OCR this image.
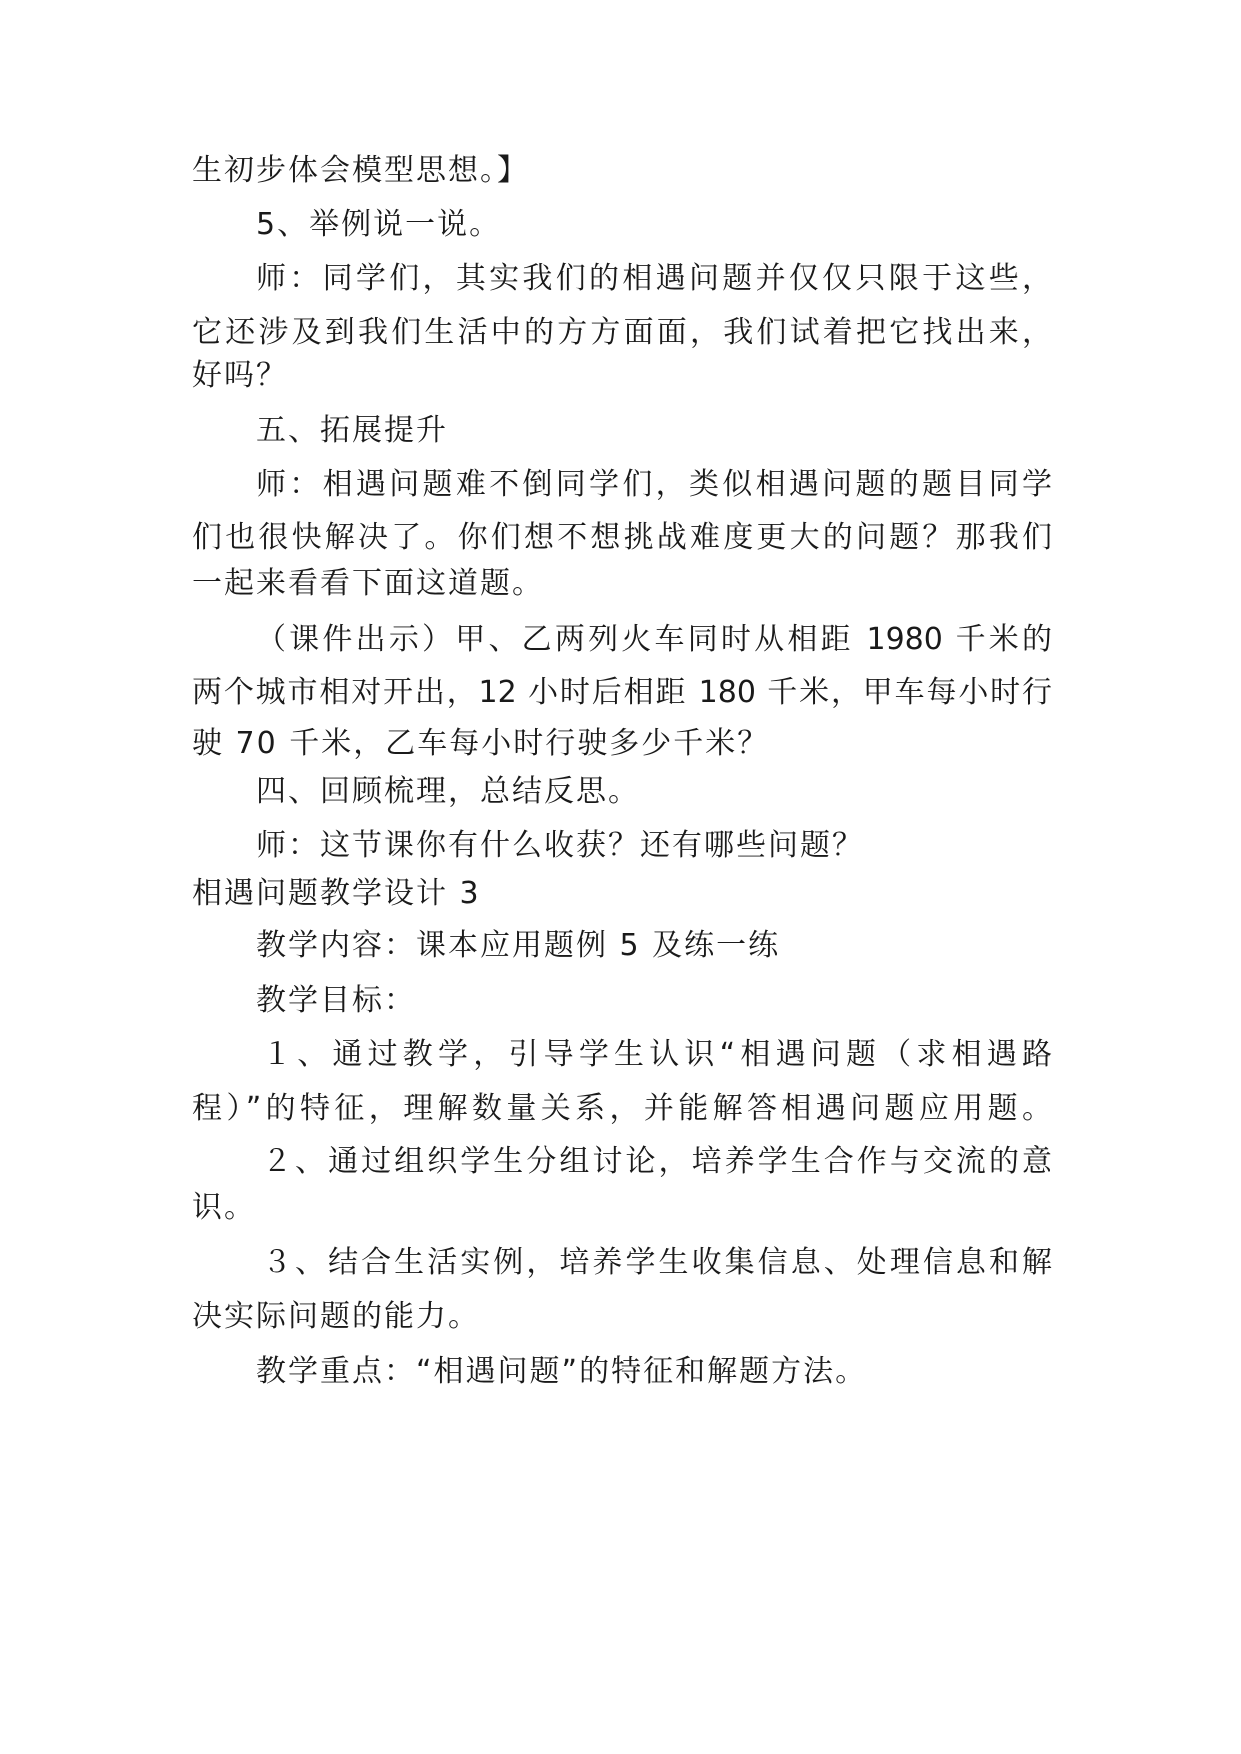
生初步体会模型思想。】
5、举例说一说。
师：同学们，其实我们的相遇问题并仅仅只限于这些，
它还涉及到我们生活中的方方面面，我们试着把它找出来，
好吗？
五、拓展提升
师：相遇问题难不倒同学们，类似相遇问题的题目同学
们也很快解决了。你们想不想挑战难度更大的问题？那我们
一起来看看下面这道题。
（课件出示）甲、乙两列火车同时从相距 1980 千米的
两个城市相对开出，12 小时后相距 180 千米，甲车每小时行
驶 70 千米，乙车每小时行驶多少千米？
四、回顾梳理，总结反思。
师：这节课你有什么收获？还有哪些问题？
相遇问题教学设计 3
教学内容：课本应用题例 5 及练一练
教学目标：
１、通过教学，引导学生认识“相遇问题（求相遇路
程）”的特征，理解数量关系，并能解答相遇问题应用题。
２、通过组织学生分组讨论，培养学生合作与交流的意
识。
３、结合生活实例，培养学生收集信息、处理信息和解
决实际问题的能力。
教学重点：“相遇问题”的特征和解题方法。
